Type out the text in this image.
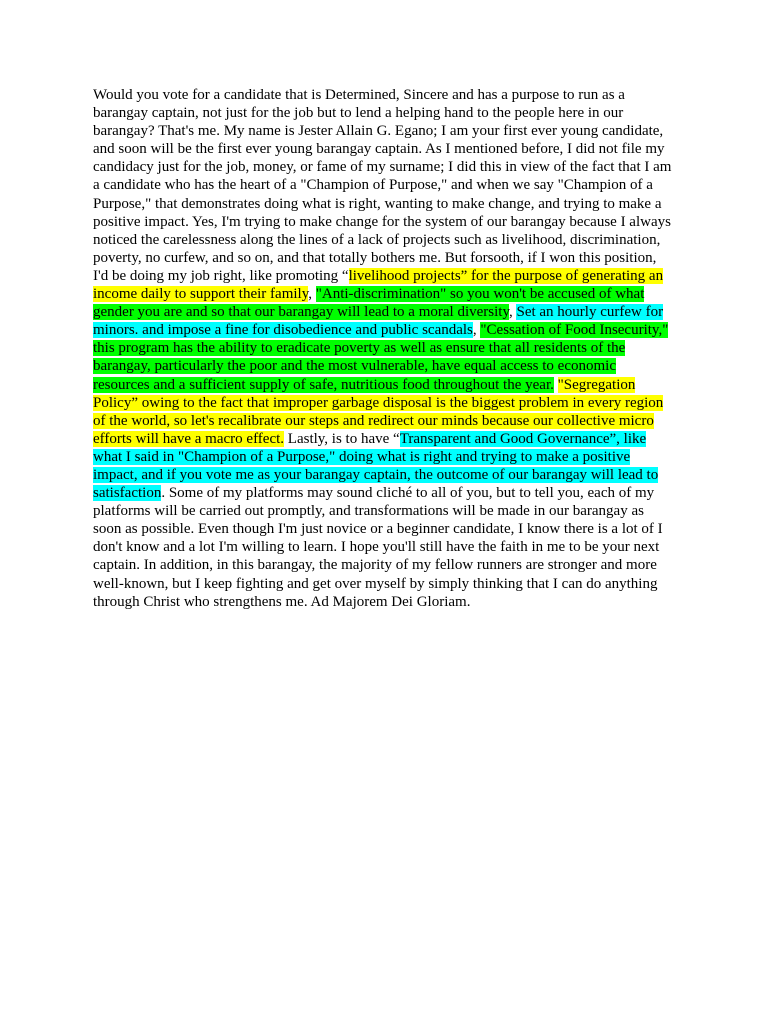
Would you vote for a candidate that is Determined, Sincere and has a purpose to run as a barangay captain, not just for the job but to lend a helping hand to the people here in our barangay? That's me. My name is Jester Allain G. Egano; I am your first ever young candidate, and soon will be the first ever young barangay captain. As I mentioned before, I did not file my candidacy just for the job, money, or fame of my surname; I did this in view of the fact that I am a candidate who has the heart of a "Champion of Purpose," and when we say "Champion of a Purpose," that demonstrates doing what is right, wanting to make change, and trying to make a positive impact. Yes, I'm trying to make change for the system of our barangay because I always noticed the carelessness along the lines of a lack of projects such as livelihood, discrimination, poverty, no curfew, and so on, and that totally bothers me. But forsooth, if I won this position, I'd be doing my job right, like promoting “livelihood projects” for the purpose of generating an income daily to support their family, "Anti-discrimination" so you won't be accused of what gender you are and so that our barangay will lead to a moral diversity, Set an hourly curfew for minors. and impose a fine for disobedience and public scandals, "Cessation of Food Insecurity," this program has the ability to eradicate poverty as well as ensure that all residents of the barangay, particularly the poor and the most vulnerable, have equal access to economic resources and a sufficient supply of safe, nutritious food throughout the year. "Segregation Policy” owing to the fact that improper garbage disposal is the biggest problem in every region of the world, so let's recalibrate our steps and redirect our minds because our collective micro efforts will have a macro effect. Lastly, is to have “Transparent and Good Governance”, like what I said in "Champion of a Purpose," doing what is right and trying to make a positive impact, and if you vote me as your barangay captain, the outcome of our barangay will lead to satisfaction. Some of my platforms may sound cliché to all of you, but to tell you, each of my platforms will be carried out promptly, and transformations will be made in our barangay as soon as possible. Even though I'm just novice or a beginner candidate, I know there is a lot of I don't know and a lot I'm willing to learn. I hope you'll still have the faith in me to be your next captain. In addition, in this barangay, the majority of my fellow runners are stronger and more well-known, but I keep fighting and get over myself by simply thinking that I can do anything through Christ who strengthens me. Ad Majorem Dei Gloriam.
